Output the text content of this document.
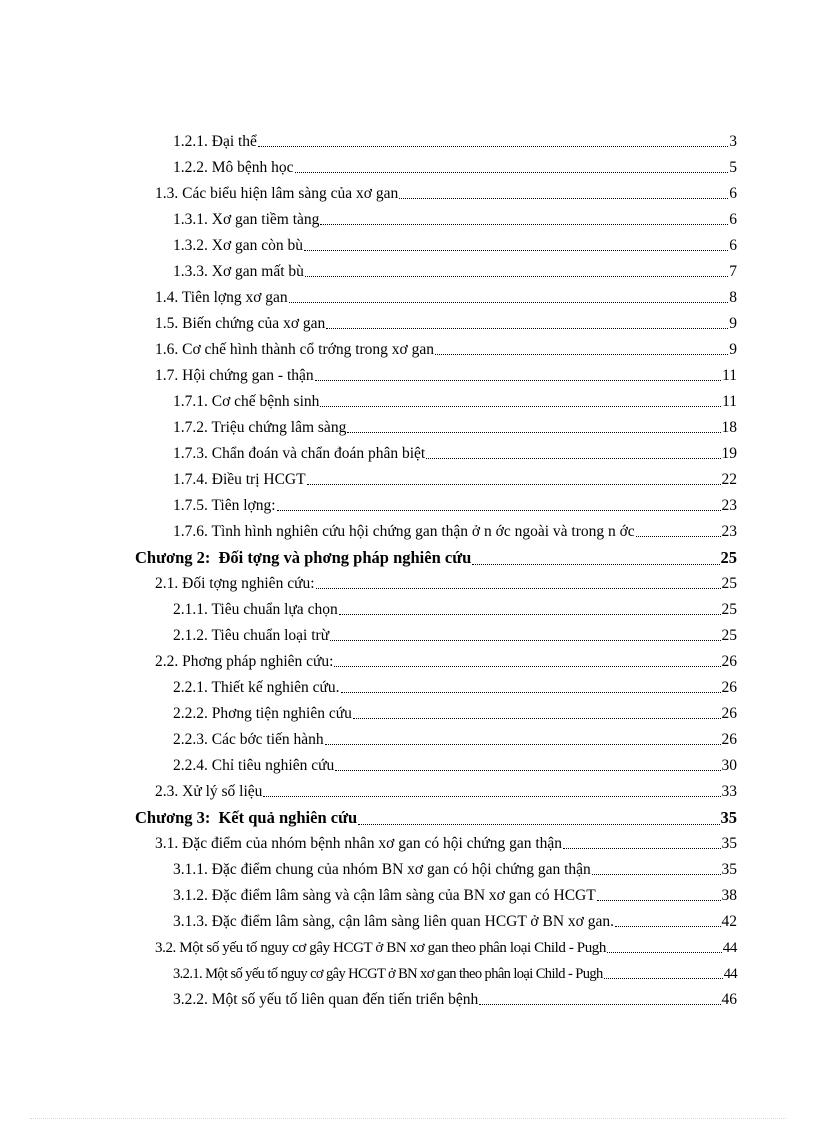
1.2.1. Đại thể	3
1.2.2. Mô bệnh học	5
1.3. Các biểu hiện lâm sàng của xơ gan	6
1.3.1. Xơ gan tiềm tàng	6
1.3.2. Xơ gan còn bù	6
1.3.3. Xơ gan mất bù	7
1.4. Tiên lợng xơ gan	8
1.5. Biến chứng của xơ gan	9
1.6. Cơ chế hình thành cổ trớng trong xơ gan	9
1.7. Hội chứng gan - thận	11
1.7.1. Cơ chế bệnh sinh	11
1.7.2. Triệu chứng lâm sàng	18
1.7.3. Chẩn đoán và chẩn đoán phân biệt	19
1.7.4. Điều trị HCGT	22
1.7.5. Tiên lợng:	23
1.7.6. Tình hình nghiên cứu hội chứng gan thận ở n ớc ngoài và trong n ớc	23
Chương 2: Đối tợng và phơng pháp nghiên cứu	25
2.1. Đối tợng nghiên cứu:	25
2.1.1. Tiêu chuẩn lựa chọn	25
2.1.2. Tiêu chuẩn loại trừ	25
2.2. Phơng pháp nghiên cứu:	26
2.2.1. Thiết kế nghiên cứu.	26
2.2.2. Phơng tiện nghiên cứu	26
2.2.3. Các bớc tiến hành	26
2.2.4. Chỉ tiêu nghiên cứu	30
2.3. Xử lý số liệu	33
Chương 3: Kết quả nghiên cứu	35
3.1. Đặc điểm của nhóm bệnh nhân xơ gan có hội chứng gan thận	35
3.1.1. Đặc điểm chung của nhóm BN xơ gan có hội chứng gan thận	35
3.1.2. Đặc điểm lâm sàng và cận lâm sàng của BN xơ gan có HCGT	38
3.1.3. Đặc điểm lâm sàng, cận lâm sàng liên quan HCGT ở BN xơ gan.	42
3.2. Một số yếu tố nguy cơ gây HCGT ở BN xơ gan theo phân loại Child - Pugh	44
3.2.1. Một số yếu tố nguy cơ gây HCGT ở BN xơ gan theo phân loại Child - Pugh	44
3.2.2. Một số yếu tố liên quan đến tiến triển bệnh	46
